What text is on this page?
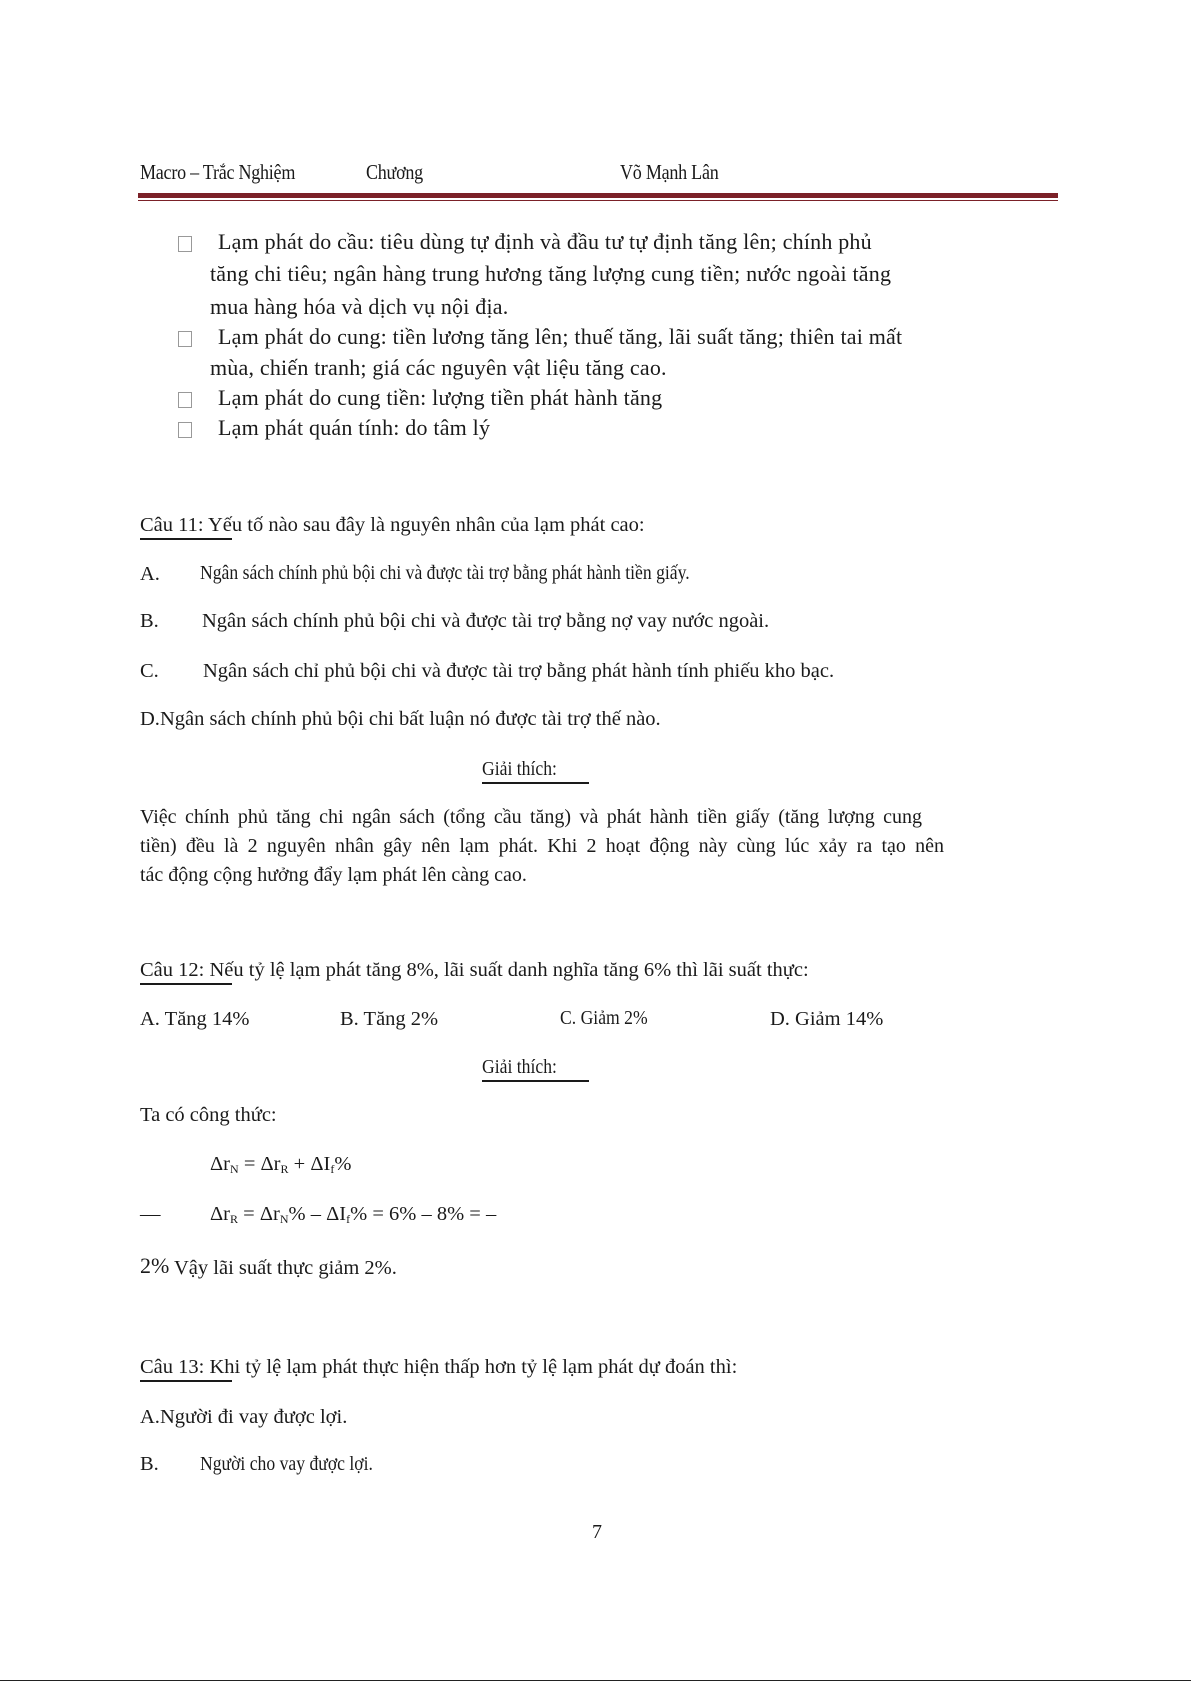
Macro – Trắc Nghiệm	Chương	Võ Mạnh Lân
Lạm phát do cầu: tiêu dùng tự định và đầu tư tự định tăng lên; chính phủ
tăng chi tiêu; ngân hàng trung hương tăng lượng cung tiền; nước ngoài tăng
mua hàng hóa và dịch vụ nội địa.
Lạm phát do cung: tiền lương tăng lên; thuế tăng, lãi suất tăng; thiên tai mất
mùa, chiến tranh; giá các nguyên vật liệu tăng cao.
Lạm phát do cung tiền: lượng tiền phát hành tăng
Lạm phát quán tính: do tâm lý
Câu 11: Yếu tố nào sau đây là nguyên nhân của lạm phát cao:
A. Ngân sách chính phủ bội chi và được tài trợ bằng phát hành tiền giấy.
B. Ngân sách chính phủ bội chi và được tài trợ bằng nợ vay nước ngoài.
C. Ngân sách chỉ phủ bội chi và được tài trợ bằng phát hành tính phiếu kho bạc.
D.Ngân sách chính phủ bội chi bất luận nó được tài trợ thế nào.
Giải thích:
Việc chính phủ tăng chi ngân sách (tổng cầu tăng) và phát hành tiền giấy (tăng lượng cung
tiền) đều là 2 nguyên nhân gây nên lạm phát. Khi 2 hoạt động này cùng lúc xảy ra tạo nên
tác động cộng hưởng đẩy lạm phát lên càng cao.
Câu 12: Nếu tỷ lệ lạm phát tăng 8%, lãi suất danh nghĩa tăng 6% thì lãi suất thực:
A. Tăng 14%	B. Tăng 2%	C. Giảm 2%	D. Giảm 14%
Giải thích:
Ta có công thức:
$\Delta r_N = \Delta r_R + \Delta I_f\%$
— $\Delta r_R = \Delta r_N\% - \Delta I_f\% = 6\% - 8\%$ = –
2% Vậy lãi suất thực giảm 2%.
Câu 13: Khi tỷ lệ lạm phát thực hiện thấp hơn tỷ lệ lạm phát dự đoán thì:
A.Người đi vay được lợi.
B. Người cho vay được lợi.
7
